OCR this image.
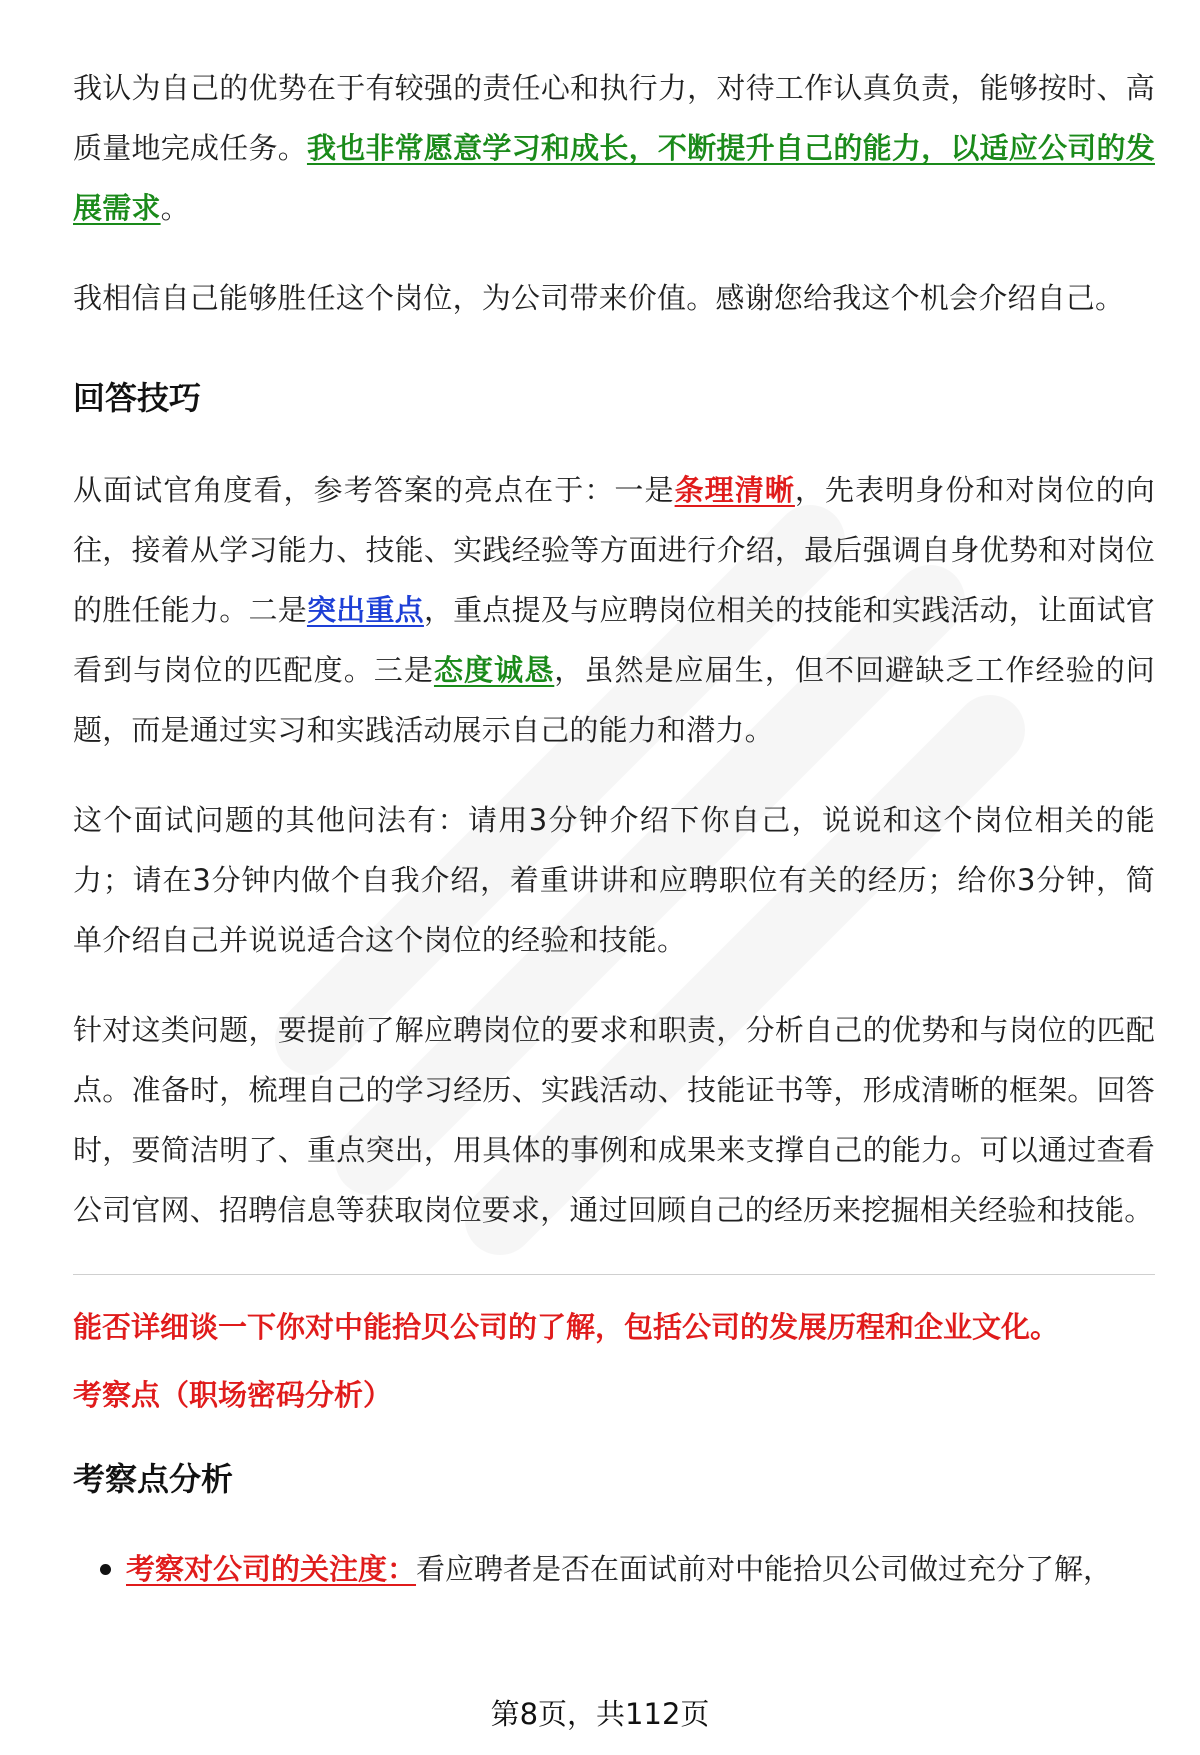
我认为自己的优势在于有较强的责任心和执行力，对待工作认真负责，能够按时、高质量地完成任务。我也非常愿意学习和成长，不断提升自己的能力，以适应公司的发展需求。

我相信自己能够胜任这个岗位，为公司带来价值。感谢您给我这个机会介绍自己。

回答技巧

从面试官角度看，参考答案的亮点在于：一是条理清晰，先表明身份和对岗位的向往，接着从学习能力、技能、实践经验等方面进行介绍，最后强调自身优势和对岗位的胜任能力。二是突出重点，重点提及与应聘岗位相关的技能和实践活动，让面试官看到与岗位的匹配度。三是态度诚恳，虽然是应届生，但不回避缺乏工作经验的问题，而是通过实习和实践活动展示自己的能力和潜力。

这个面试问题的其他问法有：请用3分钟介绍下你自己，说说和这个岗位相关的能力；请在3分钟内做个自我介绍，着重讲讲和应聘职位有关的经历；给你3分钟，简单介绍自己并说说适合这个岗位的经验和技能。

针对这类问题，要提前了解应聘岗位的要求和职责，分析自己的优势和与岗位的匹配点。准备时，梳理自己的学习经历、实践活动、技能证书等，形成清晰的框架。回答时，要简洁明了、重点突出，用具体的事例和成果来支撑自己的能力。可以通过查看公司官网、招聘信息等获取岗位要求，通过回顾自己的经历来挖掘相关经验和技能。

能否详细谈一下你对中能拾贝公司的了解，包括公司的发展历程和企业文化。
考察点（职场密码分析）
考察点分析
考察对公司的关注度：看应聘者是否在面试前对中能拾贝公司做过充分了解，
第8页，共112页
